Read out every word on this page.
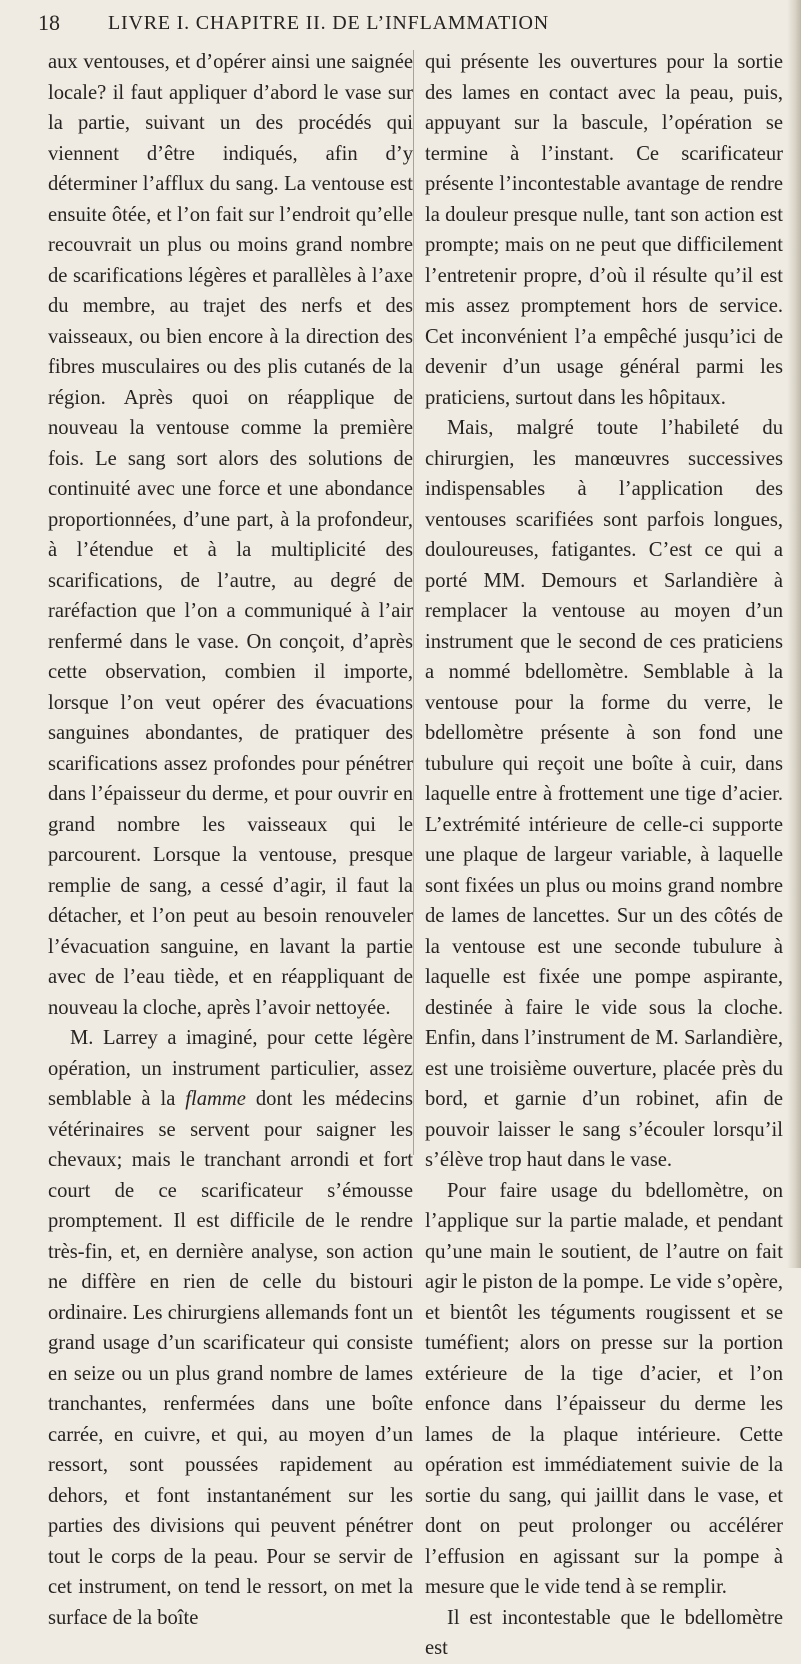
18 LIVRE I. CHAPITRE II. DE L’INFLAMMATION

aux ventouses, et d’opérer ainsi une saignée locale? il faut appliquer d’abord le vase sur la partie, suivant un des procédés qui viennent d’être indiqués, afin d’y déterminer l’afflux du sang. La ventouse est ensuite ôtée, et l’on fait sur l’endroit qu’elle recouvrait un plus ou moins grand nombre de scarifications légères et parallèles à l’axe du membre, au trajet des nerfs et des vaisseaux, ou bien encore à la direction des fibres musculaires ou des plis cutanés de la région. Après quoi on réapplique de nouveau la ventouse comme la première fois. Le sang sort alors des solutions de continuité avec une force et une abondance proportionnées, d’une part, à la profondeur, à l’étendue et à la multiplicité des scarifications, de l’autre, au degré de raréfaction que l’on a communiqué à l’air renfermé dans le vase. On conçoit, d’après cette observation, combien il importe, lorsque l’on veut opérer des évacuations sanguines abondantes, de pratiquer des scarifications assez profondes pour pénétrer dans l’épaisseur du derme, et pour ouvrir en grand nombre les vaisseaux qui le parcourent. Lorsque la ventouse, presque remplie de sang, a cessé d’agir, il faut la détacher, et l’on peut au besoin renouveler l’évacuation sanguine, en lavant la partie avec de l’eau tiède, et en réappliquant de nouveau la cloche, après l’avoir nettoyée.

M. Larrey a imaginé, pour cette légère opération, un instrument particulier, assez semblable à la flamme dont les médecins vétérinaires se servent pour saigner les chevaux; mais le tranchant arrondi et fort court de ce scarificateur s’émousse promptement. Il est difficile de le rendre très-fin, et, en dernière analyse, son action ne diffère en rien de celle du bistouri ordinaire. Les chirurgiens allemands font un grand usage d’un scarificateur qui consiste en seize ou un plus grand nombre de lames tranchantes, renfermées dans une boîte carrée, en cuivre, et qui, au moyen d’un ressort, sont poussées rapidement au dehors, et font instantanément sur les parties des divisions qui peuvent pénétrer tout le corps de la peau. Pour se servir de cet instrument, on tend le ressort, on met la surface de la boîte

qui présente les ouvertures pour la sortie des lames en contact avec la peau, puis, appuyant sur la bascule, l’opération se termine à l’instant. Ce scarificateur présente l’incontestable avantage de rendre la douleur presque nulle, tant son action est prompte; mais on ne peut que difficilement l’entretenir propre, d’où il résulte qu’il est mis assez promptement hors de service. Cet inconvénient l’a empêché jusqu’ici de devenir d’un usage général parmi les praticiens, surtout dans les hôpitaux.

Mais, malgré toute l’habileté du chirurgien, les manœuvres successives indispensables à l’application des ventouses scarifiées sont parfois longues, douloureuses, fatigantes. C’est ce qui a porté MM. Demours et Sarlandière à remplacer la ventouse au moyen d’un instrument que le second de ces praticiens a nommé bdellomètre. Semblable à la ventouse pour la forme du verre, le bdellomètre présente à son fond une tubulure qui reçoit une boîte à cuir, dans laquelle entre à frottement une tige d’acier. L’extrémité intérieure de celle-ci supporte une plaque de largeur variable, à laquelle sont fixées un plus ou moins grand nombre de lames de lancettes. Sur un des côtés de la ventouse est une seconde tubulure à laquelle est fixée une pompe aspirante, destinée à faire le vide sous la cloche. Enfin, dans l’instrument de M. Sarlandière, est une troisième ouverture, placée près du bord, et garnie d’un robinet, afin de pouvoir laisser le sang s’écouler lorsqu’il s’élève trop haut dans le vase.

Pour faire usage du bdellomètre, on l’applique sur la partie malade, et pendant qu’une main le soutient, de l’autre on fait agir le piston de la pompe. Le vide s’opère, et bientôt les téguments rougissent et se tuméfient; alors on presse sur la portion extérieure de la tige d’acier, et l’on enfonce dans l’épaisseur du derme les lames de la plaque intérieure. Cette opération est immédiatement suivie de la sortie du sang, qui jaillit dans le vase, et dont on peut prolonger ou accélérer l’effusion en agissant sur la pompe à mesure que le vide tend à se remplir.

Il est incontestable que le bdellomètre est
